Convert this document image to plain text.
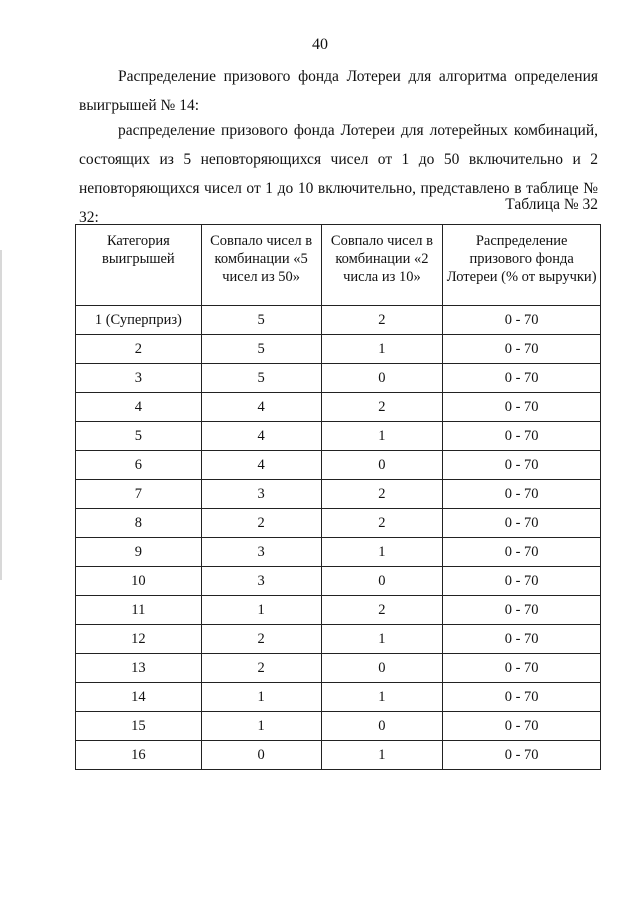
40

Распределение призового фонда Лотереи для алгоритма определения выигрышей № 14:

распределение призового фонда Лотереи для лотерейных комбинаций, состоящих из 5 неповторяющихся чисел от 1 до 50 включительно и 2 неповторяющихся чисел от 1 до 10 включительно, представлено в таблице № 32:

Таблица № 32
Категория выигрышей	Совпало чисел в комбинации «5 чисел из 50»	Совпало чисел в комбинации «2 числа из 10»	Распределение призового фонда Лотереи (% от выручки)
1 (Суперприз)	5	2	0 - 70
2	5	1	0 - 70
3	5	0	0 - 70
4	4	2	0 - 70
5	4	1	0 - 70
6	4	0	0 - 70
7	3	2	0 - 70
8	2	2	0 - 70
9	3	1	0 - 70
10	3	0	0 - 70
11	1	2	0 - 70
12	2	1	0 - 70
13	2	0	0 - 70
14	1	1	0 - 70
15	1	0	0 - 70
16	0	1	0 - 70
